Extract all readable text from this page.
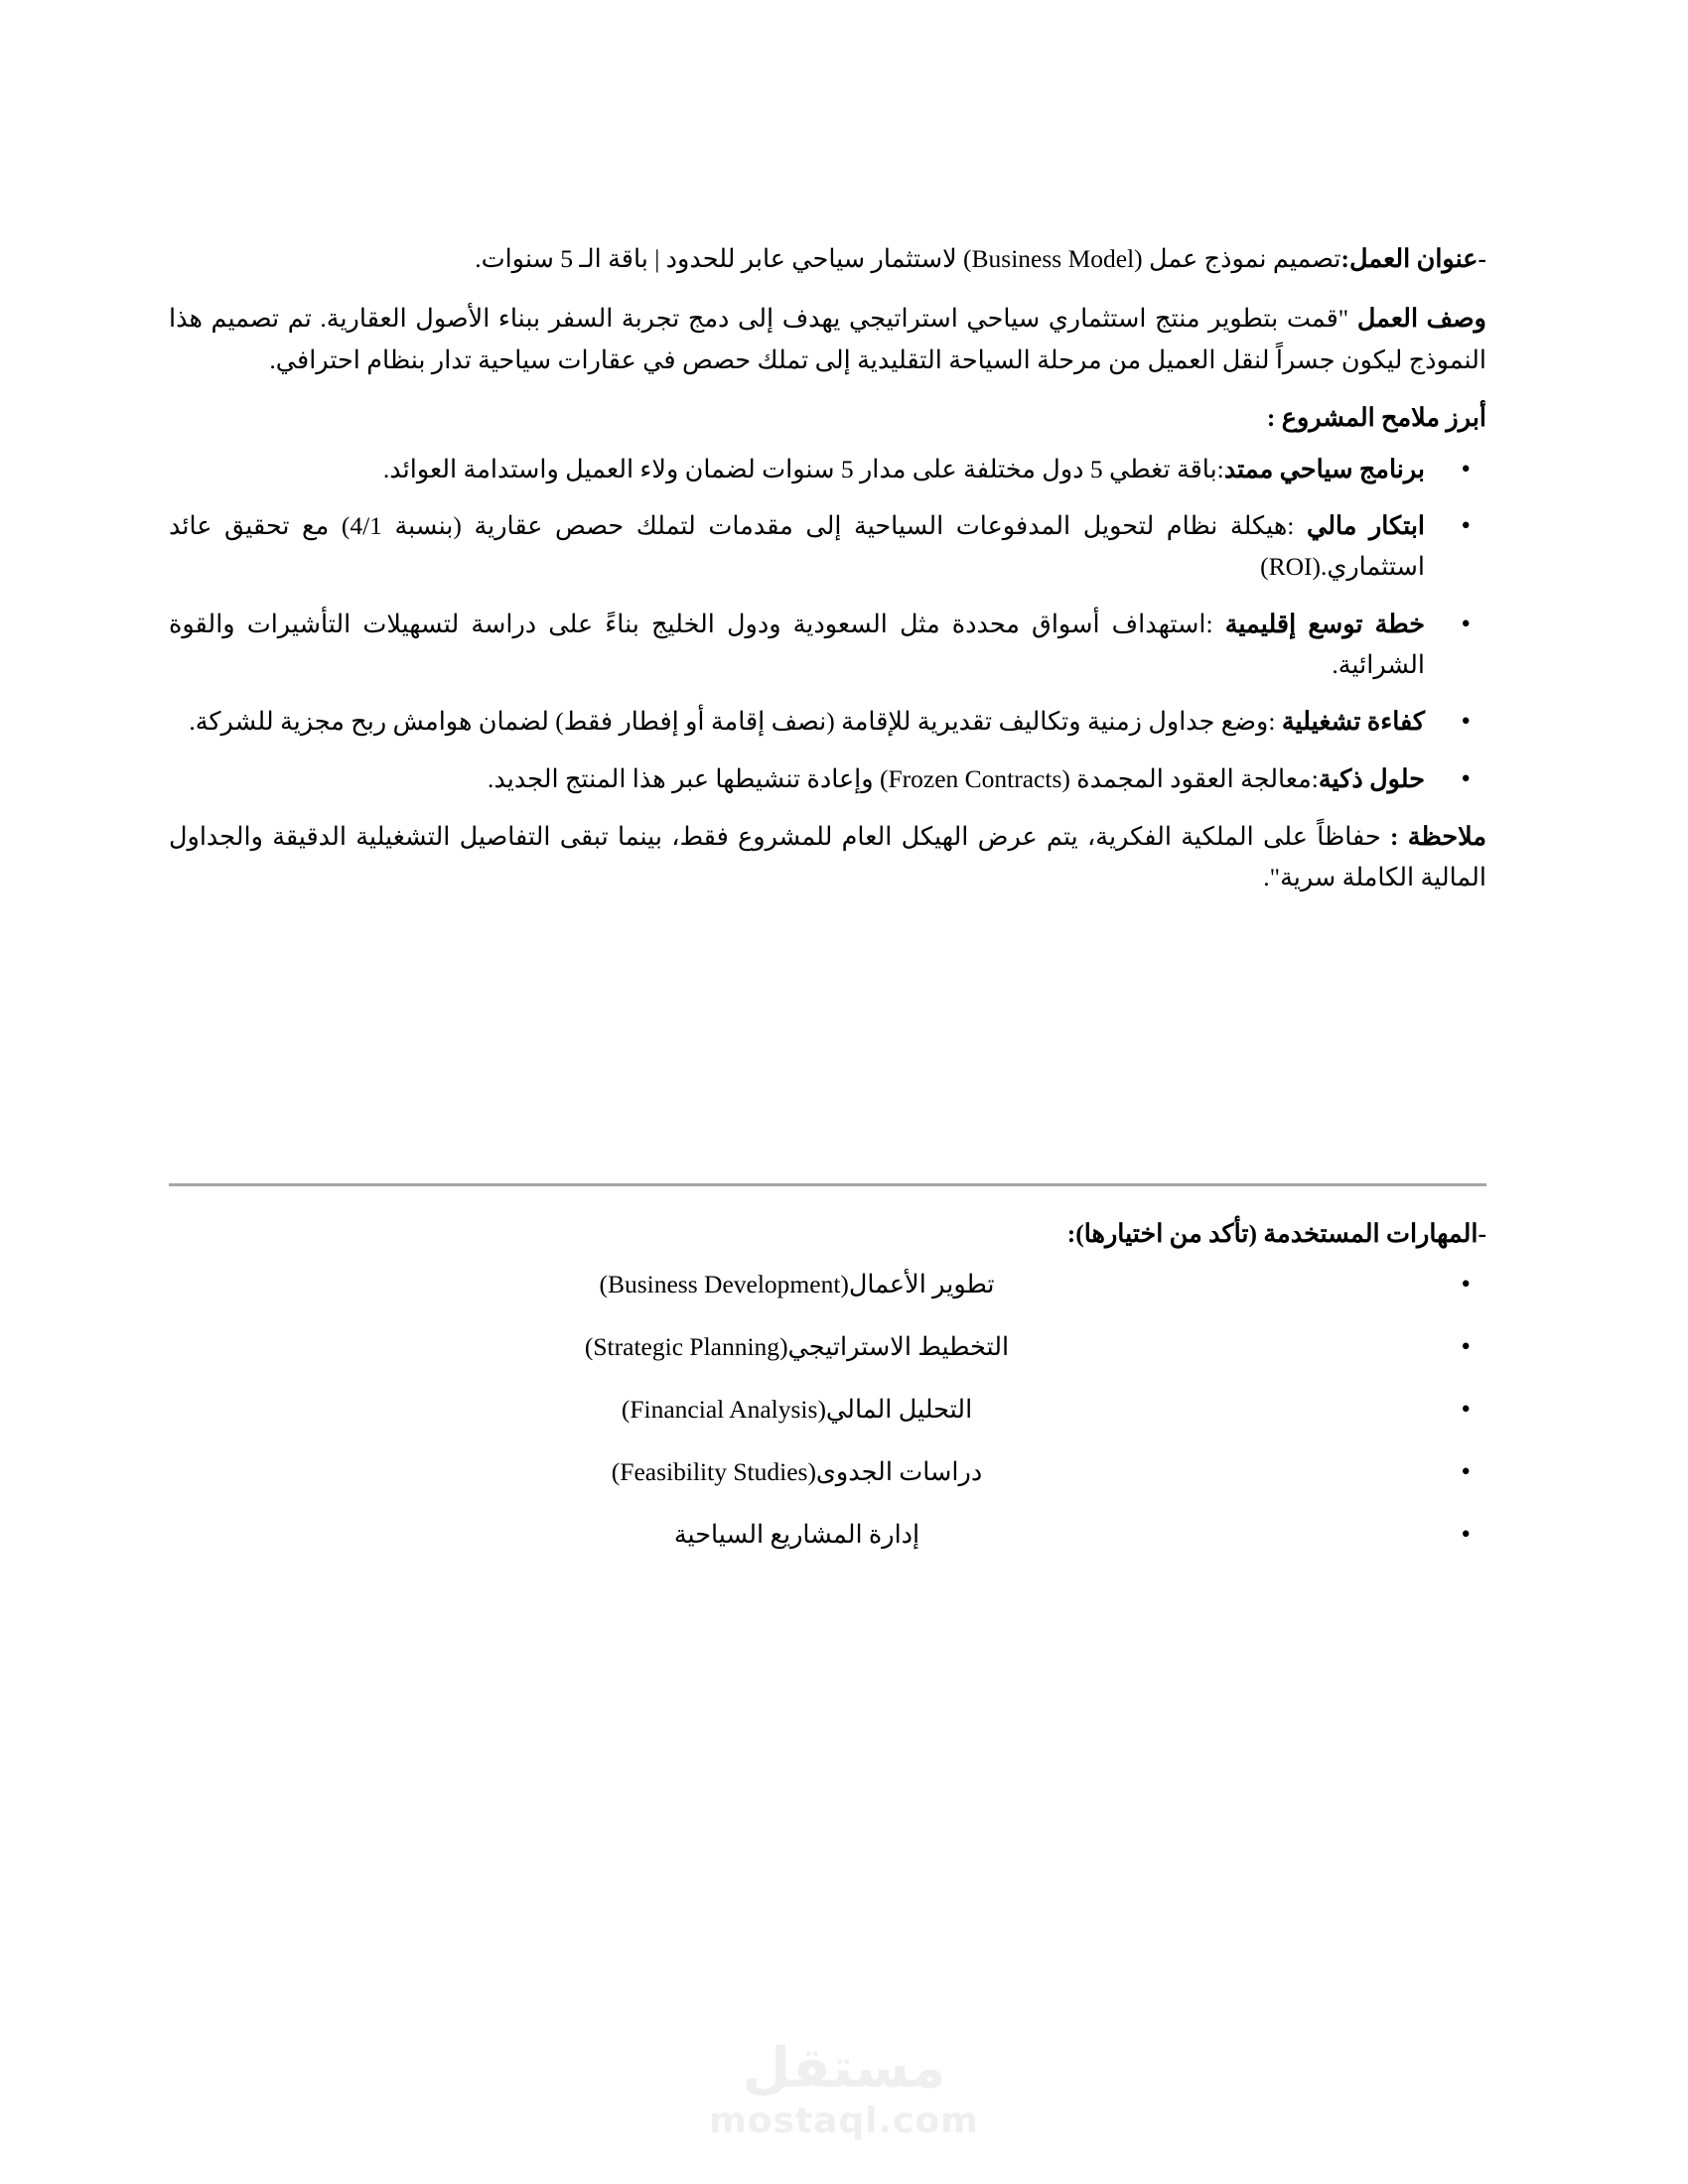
-عنوان العمل:تصميم نموذج عمل (Business Model) لاستثمار سياحي عابر للحدود | باقة الـ 5 سنوات.

وصف العمل "قمت بتطوير منتج استثماري سياحي استراتيجي يهدف إلى دمج تجربة السفر ببناء الأصول العقارية. تم تصميم هذا النموذج ليكون جسراً لنقل العميل من مرحلة السياحة التقليدية إلى تملك حصص في عقارات سياحية تدار بنظام احترافي.

أبرز ملامح المشروع :

• برنامج سياحي ممتد:باقة تغطي 5 دول مختلفة على مدار 5 سنوات لضمان ولاء العميل واستدامة العوائد.
• ابتكار مالي :هيكلة نظام لتحويل المدفوعات السياحية إلى مقدمات لتملك حصص عقارية (بنسبة 4/1) مع تحقيق عائد استثماري.(ROI)
• خطة توسع إقليمية :استهداف أسواق محددة مثل السعودية ودول الخليج بناءً على دراسة لتسهيلات التأشيرات والقوة الشرائية.
• كفاءة تشغيلية :وضع جداول زمنية وتكاليف تقديرية للإقامة (نصف إقامة أو إفطار فقط) لضمان هوامش ربح مجزية للشركة.
• حلول ذكية:معالجة العقود المجمدة (Frozen Contracts) وإعادة تنشيطها عبر هذا المنتج الجديد.

ملاحظة : حفاظاً على الملكية الفكرية، يتم عرض الهيكل العام للمشروع فقط، بينما تبقى التفاصيل التشغيلية الدقيقة والجداول المالية الكاملة سرية".

-المهارات المستخدمة (تأكد من اختيارها):

• تطوير الأعمال(Business Development)
• التخطيط الاستراتيجي(Strategic Planning)
• التحليل المالي(Financial Analysis)
• دراسات الجدوى(Feasibility Studies)
• إدارة المشاريع السياحية
مستقل
mostaql.com
